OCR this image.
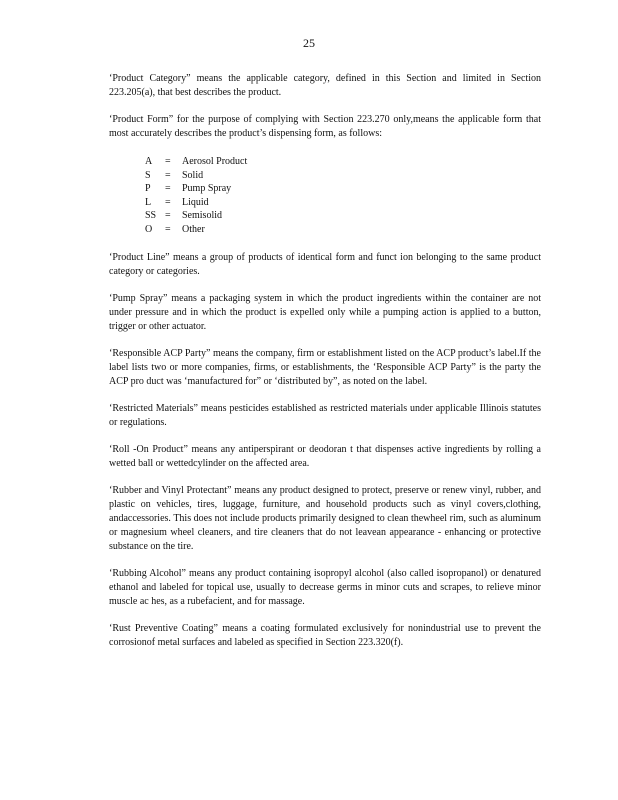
25

‘Product Category” means the applicable category, defined in this Section and limited in Section 223.205(a), that best describes the product.

‘Product Form” for the purpose of complying with Section 223.270 only,means the applicable form that most accurately describes the product’s dispensing form, as follows:

A	=	Aerosol Product
S	=	Solid
P	=	Pump Spray
L	=	Liquid
SS =	Semisolid
O	=	Other

‘Product Line” means a group of products of identical form and funct ion belonging to the same product category or categories.

‘Pump Spray” means a packaging system in which the product ingredients within the container are not under pressure and in which the product is expelled only while a pumping action is applied to a button, trigger or other actuator.

‘Responsible ACP Party” means the company, firm or establishment listed on the ACP product’s label.If the label lists two or more companies, firms, or establishments, the ‘Responsible ACP Party” is the party the ACP pro duct was ‘manufactured for” or ‘distributed by”, as noted on the label.

‘Restricted Materials” means pesticides established as restricted materials under applicable Illinois statutes or regulations.

‘Roll -On Product” means any antiperspirant or deodoran t that dispenses active ingredients by rolling a wetted ball or wettedcylinder on the affected area.

‘Rubber and Vinyl Protectant” means any product designed to protect, preserve or renew vinyl, rubber, and plastic on vehicles, tires, luggage, furniture, and household products such as vinyl covers,clothing, andaccessories. This does not include products primarily designed to clean thewheel rim, such as aluminum or magnesium wheel cleaners, and tire cleaners that do not leavean appearance - enhancing or protective substance on the tire.

‘Rubbing Alcohol” means any product containing isopropyl alcohol (also called isopropanol) or denatured ethanol and labeled for topical use, usually to decrease germs in minor cuts and scrapes, to relieve minor muscle ac hes, as a rubefacient, and for massage.

‘Rust Preventive Coating” means a coating formulated exclusively for nonindustrial use to prevent the corrosionof metal surfaces and labeled as specified in Section 223.320(f).
